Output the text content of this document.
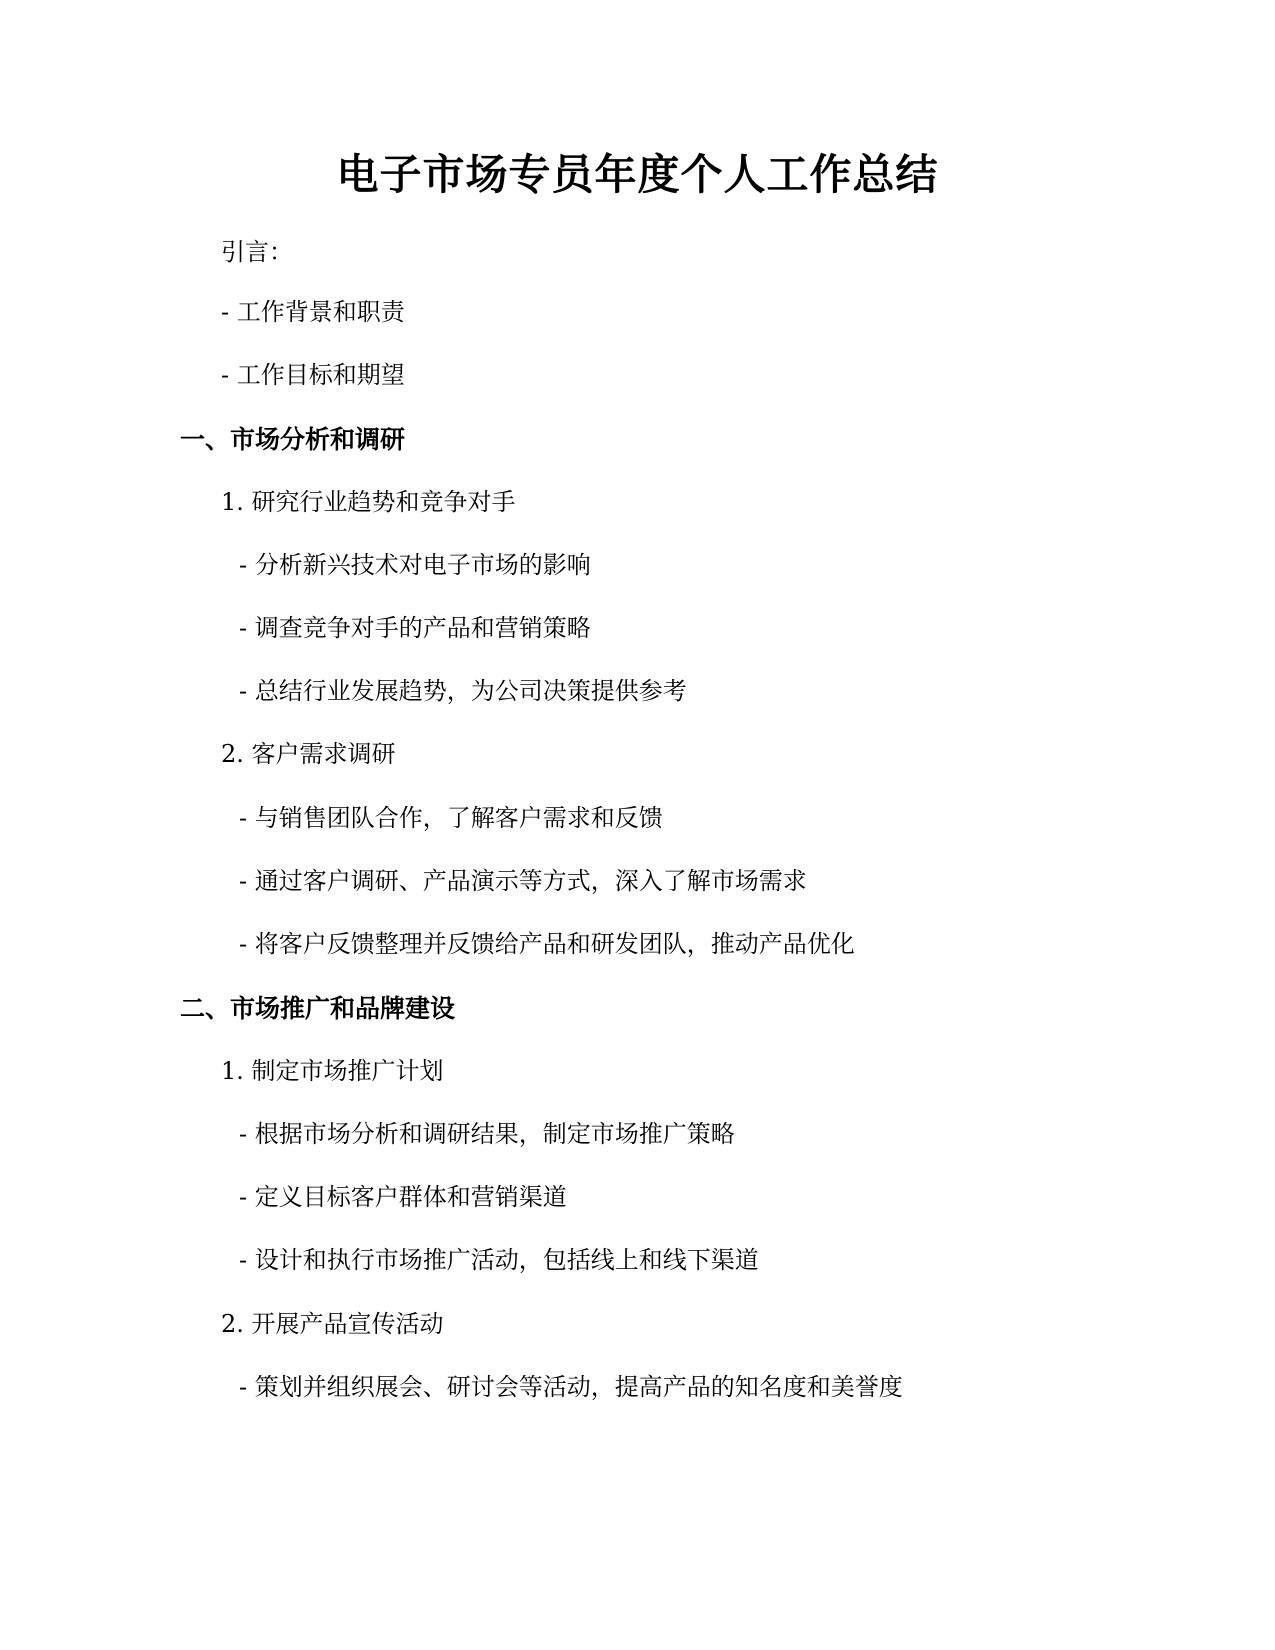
电子市场专员年度个人工作总结
引言：
- 工作背景和职责
- 工作目标和期望
一、市场分析和调研
1. 研究行业趋势和竞争对手
- 分析新兴技术对电子市场的影响
- 调查竞争对手的产品和营销策略
- 总结行业发展趋势，为公司决策提供参考
2. 客户需求调研
- 与销售团队合作，了解客户需求和反馈
- 通过客户调研、产品演示等方式，深入了解市场需求
- 将客户反馈整理并反馈给产品和研发团队，推动产品优化
二、市场推广和品牌建设
1. 制定市场推广计划
- 根据市场分析和调研结果，制定市场推广策略
- 定义目标客户群体和营销渠道
- 设计和执行市场推广活动，包括线上和线下渠道
2. 开展产品宣传活动
- 策划并组织展会、研讨会等活动，提高产品的知名度和美誉度
